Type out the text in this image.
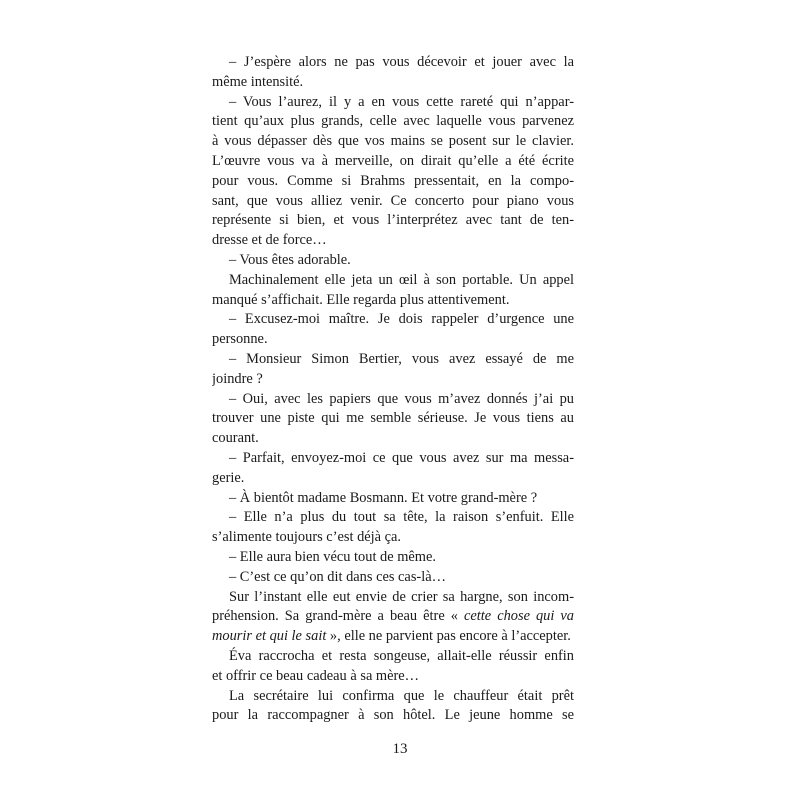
– J’espère alors ne pas vous décevoir et jouer avec la
même intensité.
– Vous l’aurez, il y a en vous cette rareté qui n’appar-
tient qu’aux plus grands, celle avec laquelle vous parvenez
à vous dépasser dès que vos mains se posent sur le clavier.
L’œuvre vous va à merveille, on dirait qu’elle a été écrite
pour vous. Comme si Brahms pressentait, en la compo-
sant, que vous alliez venir. Ce concerto pour piano vous
représente si bien, et vous l’interprétez avec tant de ten-
dresse et de force…
– Vous êtes adorable.
Machinalement elle jeta un œil à son portable. Un appel
manqué s’affichait. Elle regarda plus attentivement.
– Excusez-moi maître. Je dois rappeler d’urgence une
personne.
– Monsieur Simon Bertier, vous avez essayé de me
joindre ?
– Oui, avec les papiers que vous m’avez donnés j’ai pu
trouver une piste qui me semble sérieuse. Je vous tiens au
courant.
– Parfait, envoyez-moi ce que vous avez sur ma messa-
gerie.
– À bientôt madame Bosmann. Et votre grand-mère ?
– Elle n’a plus du tout sa tête, la raison s’enfuit. Elle
s’alimente toujours c’est déjà ça.
– Elle aura bien vécu tout de même.
– C’est ce qu’on dit dans ces cas-là…
Sur l’instant elle eut envie de crier sa hargne, son incom-
préhension. Sa grand-mère a beau être « cette chose qui va
mourir et qui le sait », elle ne parvient pas encore à l’accepter.
Éva raccrocha et resta songeuse, allait-elle réussir enfin
et offrir ce beau cadeau à sa mère…
La secrétaire lui confirma que le chauffeur était prêt
pour la raccompagner à son hôtel. Le jeune homme se
13
